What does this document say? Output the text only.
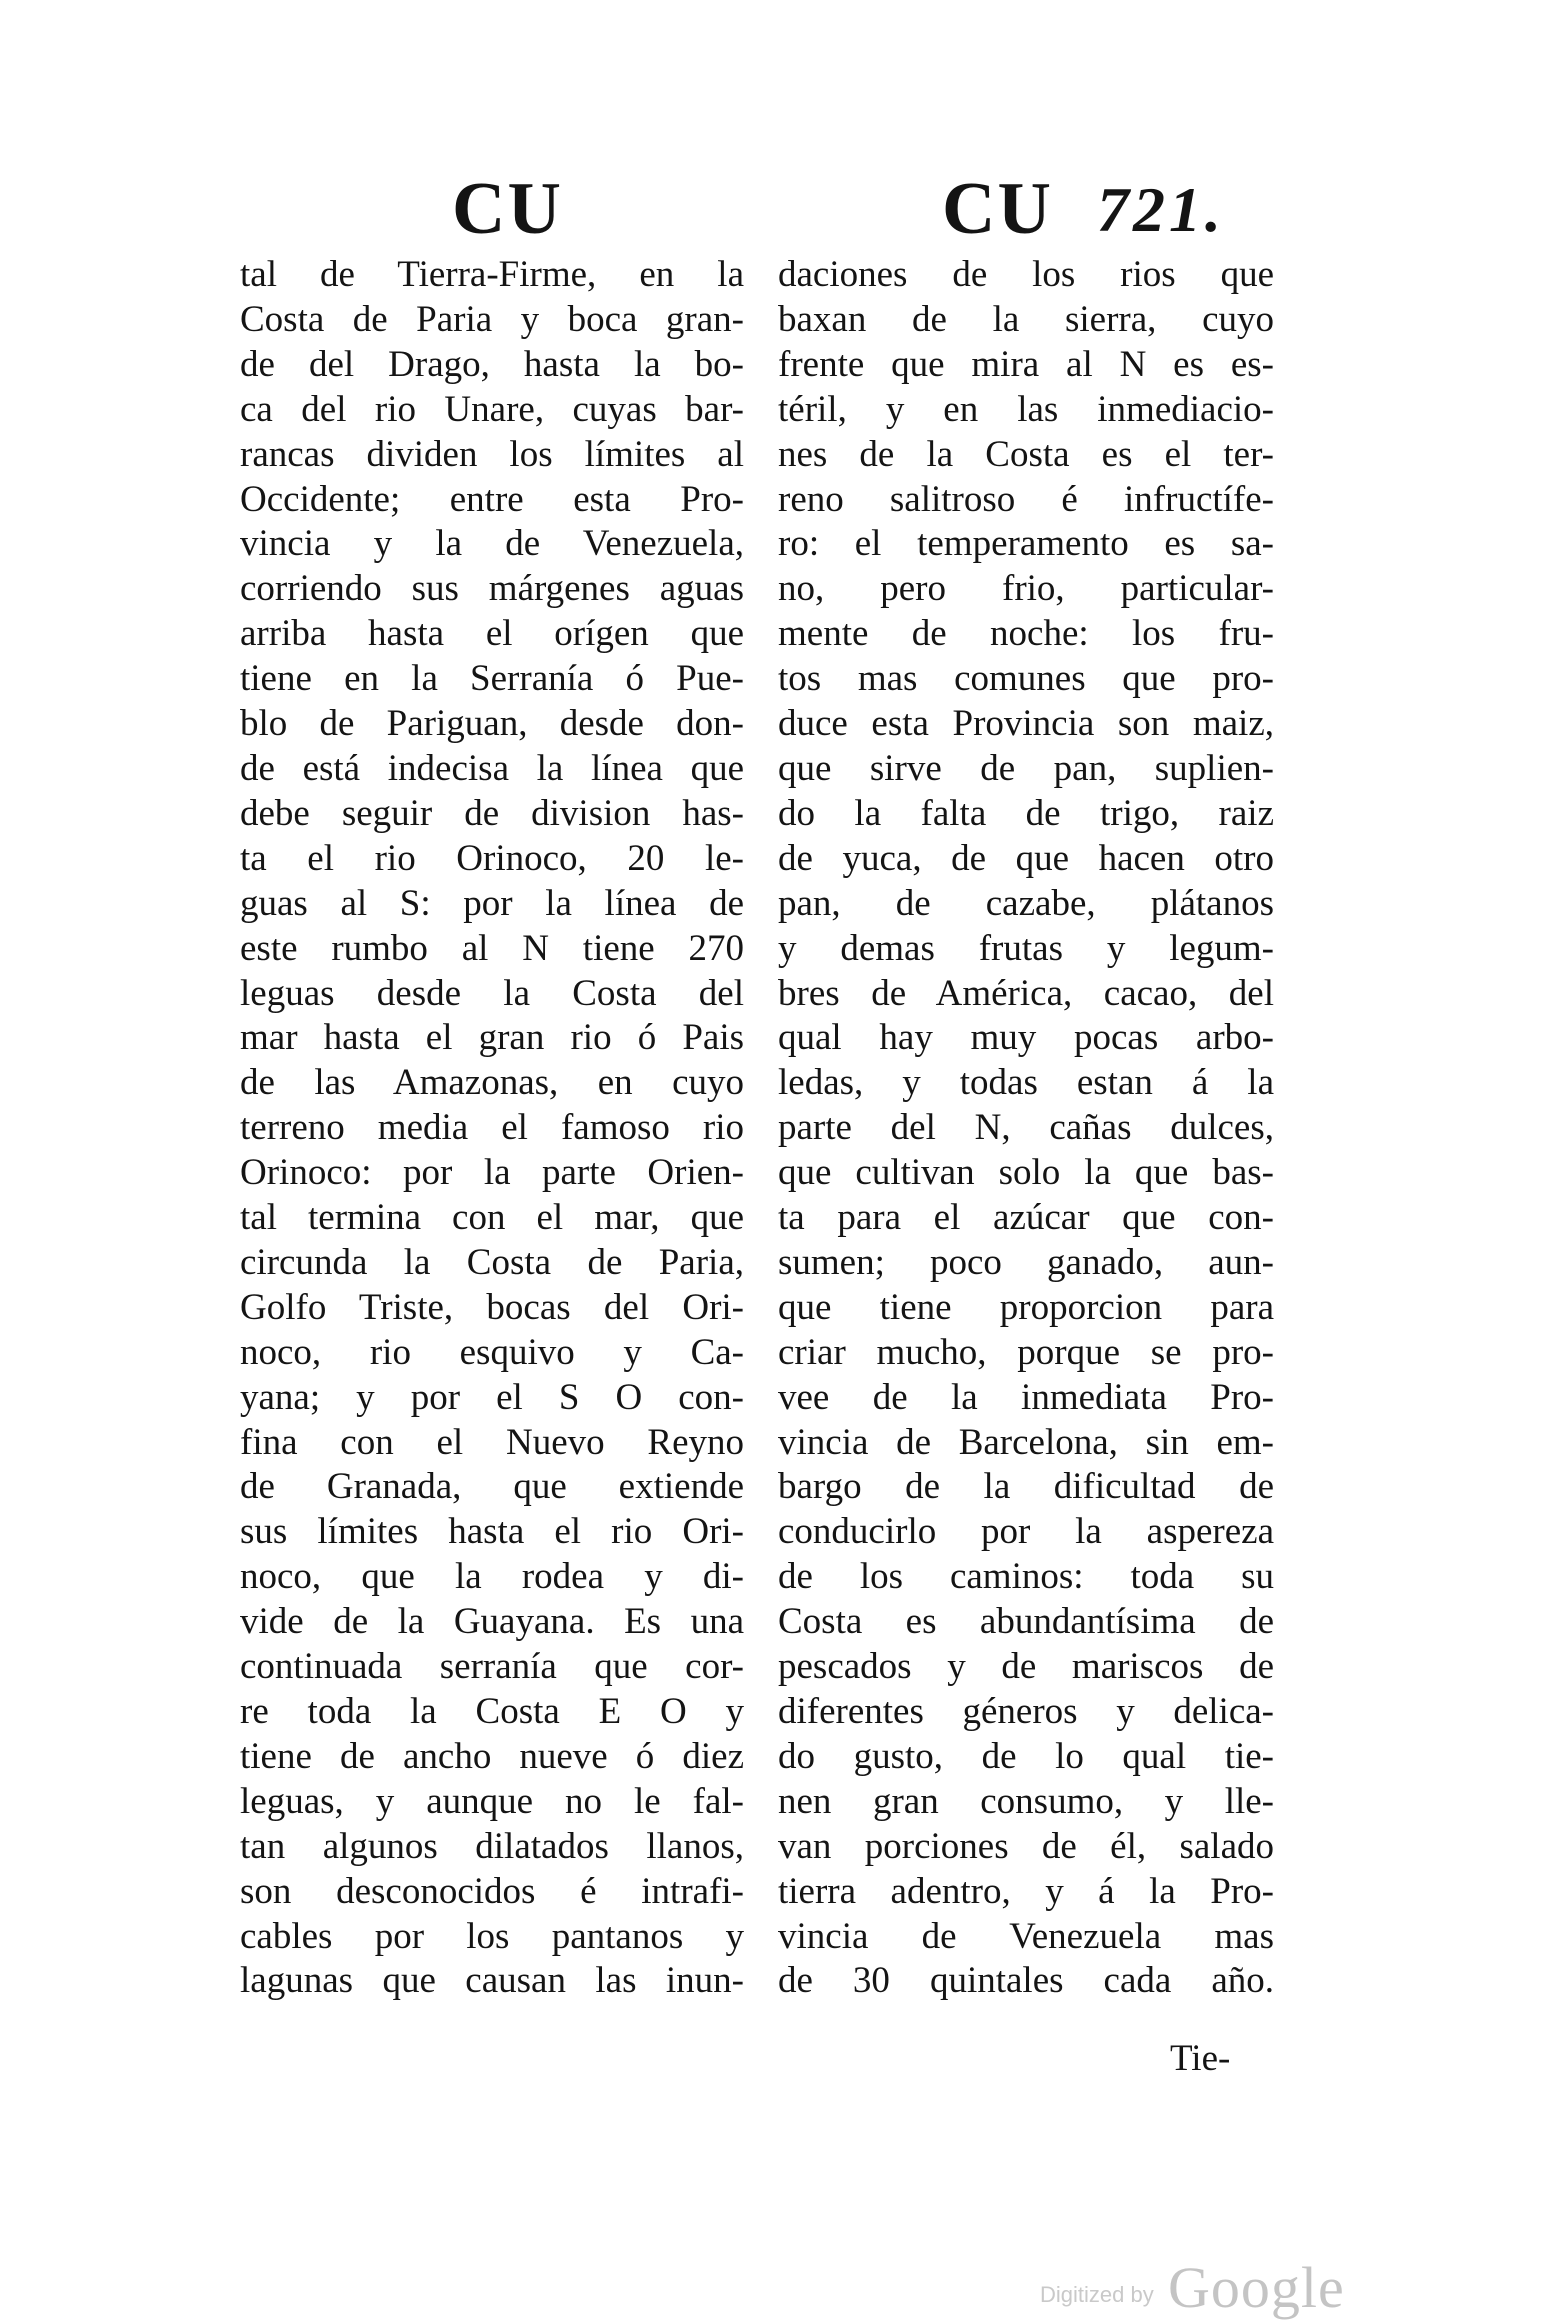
CU	CU 721.
tal de Tierra-Firme, en la
Costa de Paria y boca gran-
de del Drago, hasta la bo-
ca del rio Unare, cuyas bar-
rancas dividen los límites al
Occidente; entre esta Pro-
vincia y la de Venezuela,
corriendo sus márgenes aguas
arriba hasta el orígen que
tiene en la Serranía ó Pue-
blo de Pariguan, desde don-
de está indecisa la línea que
debe seguir de division has-
ta el rio Orinoco, 20 le-
guas al S: por la línea de
este rumbo al N tiene 270
leguas desde la Costa del
mar hasta el gran rio ó Pais
de las Amazonas, en cuyo
terreno media el famoso rio
Orinoco: por la parte Orien-
tal termina con el mar, que
circunda la Costa de Paria,
Golfo Triste, bocas del Ori-
noco, rio esquivo y Ca-
yana; y por el S O con-
fina con el Nuevo Reyno
de Granada, que extiende
sus límites hasta el rio Ori-
noco, que la rodea y di-
vide de la Guayana. Es una
continuada serranía que cor-
re toda la Costa E O y
tiene de ancho nueve ó diez
leguas, y aunque no le fal-
tan algunos dilatados llanos,
son desconocidos é intrafi-
cables por los pantanos y
lagunas que causan las inun-
daciones de los rios que
baxan de la sierra, cuyo
frente que mira al N es es-
téril, y en las inmediacio-
nes de la Costa es el ter-
reno salitroso é infructífe-
ro: el temperamento es sa-
no, pero frio, particular-
mente de noche: los fru-
tos mas comunes que pro-
duce esta Provincia son maiz,
que sirve de pan, suplien-
do la falta de trigo, raiz
de yuca, de que hacen otro
pan, de cazabe, plátanos
y demas frutas y legum-
bres de América, cacao, del
qual hay muy pocas arbo-
ledas, y todas estan á la
parte del N, cañas dulces,
que cultivan solo la que bas-
ta para el azúcar que con-
sumen; poco ganado, aun-
que tiene proporcion para
criar mucho, porque se pro-
vee de la inmediata Pro-
vincia de Barcelona, sin em-
bargo de la dificultad de
conducirlo por la aspereza
de los caminos: toda su
Costa es abundantísima de
pescados y de mariscos de
diferentes géneros y delica-
do gusto, de lo qual tie-
nen gran consumo, y lle-
van porciones de él, salado
tierra adentro, y á la Pro-
vincia de Venezuela mas
de 30 quintales cada año.
Tie-
Digitized by Google
